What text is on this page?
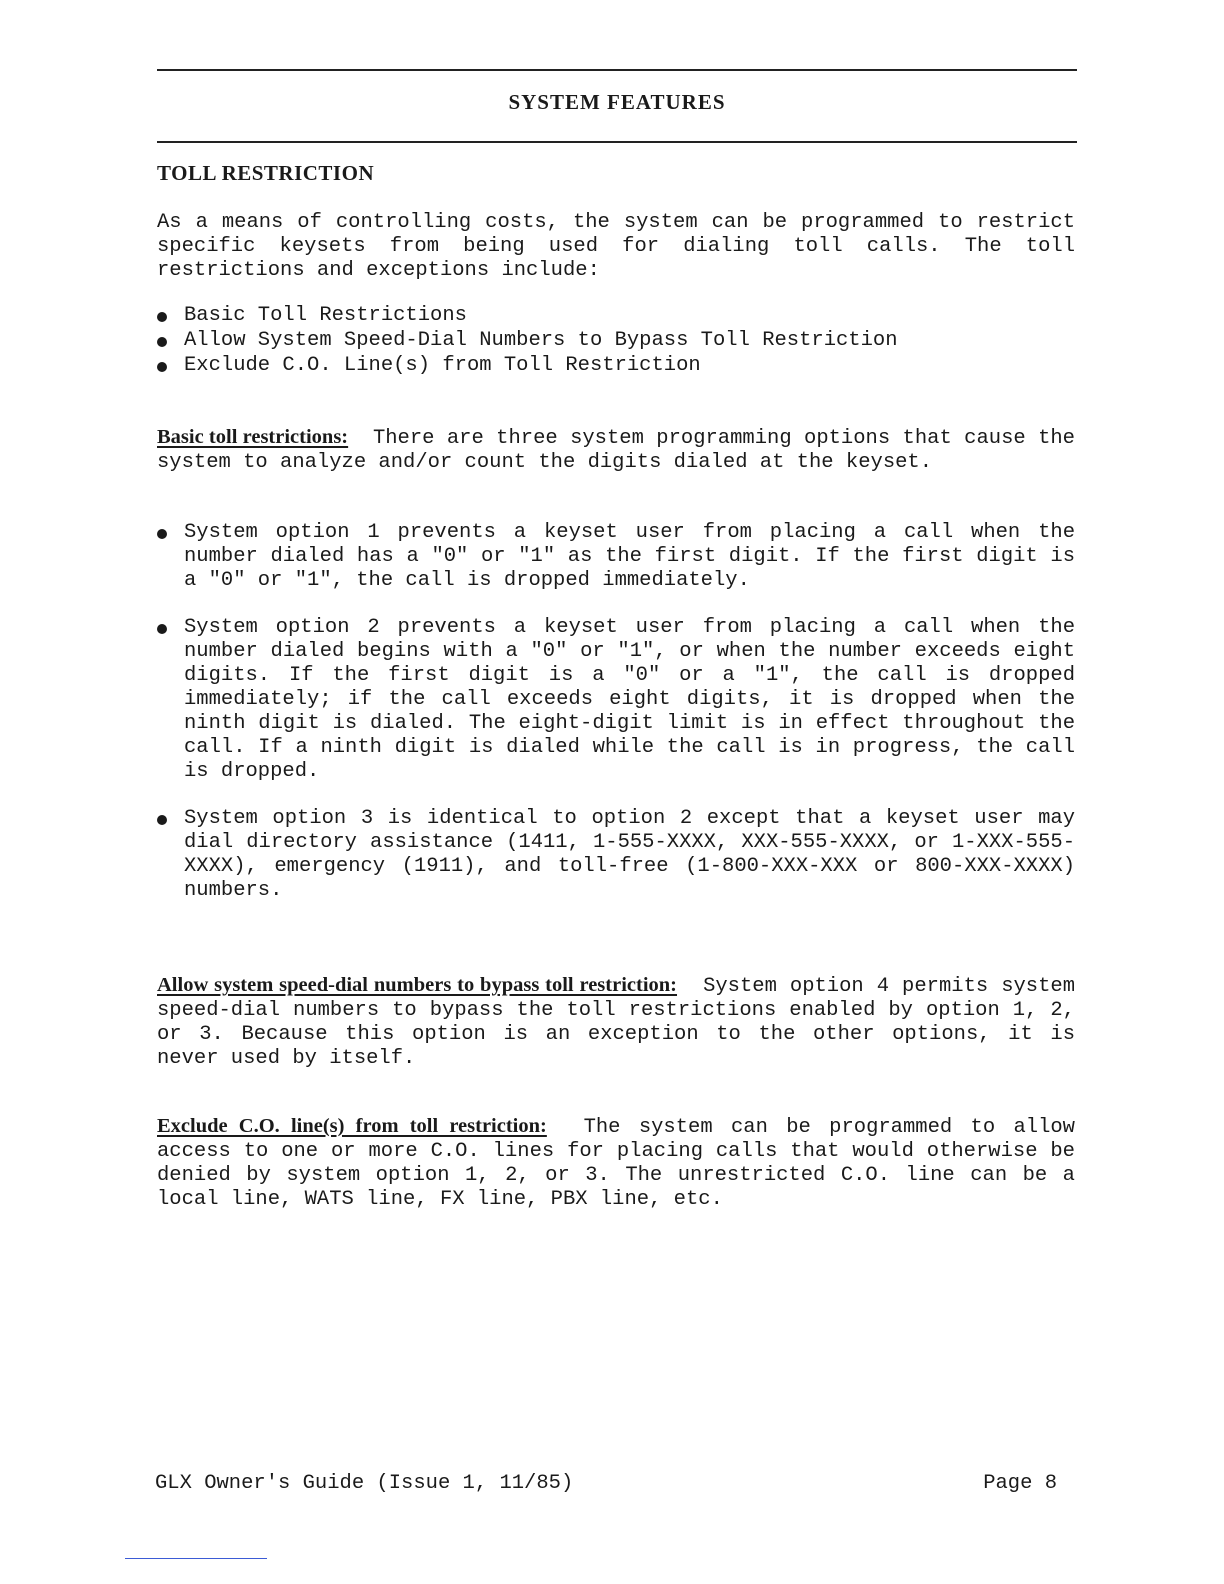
SYSTEM FEATURES
TOLL RESTRICTION

As a means of controlling costs, the system can be programmed to restrict specific keysets from being used for dialing toll calls. The toll restrictions and exceptions include:

Basic Toll Restrictions
Allow System Speed-Dial Numbers to Bypass Toll Restriction
Exclude C.O. Line(s) from Toll Restriction

Basic toll restrictions: There are three system programming options that cause the system to analyze and/or count the digits dialed at the keyset.

System option 1 prevents a keyset user from placing a call when the number dialed has a "0" or "1" as the first digit. If the first digit is a "0" or "1", the call is dropped immediately.
System option 2 prevents a keyset user from placing a call when the number dialed begins with a "0" or "1", or when the number exceeds eight digits. If the first digit is a "0" or a "1", the call is dropped immediately; if the call exceeds eight digits, it is dropped when the ninth digit is dialed. The eight-digit limit is in effect throughout the call. If a ninth digit is dialed while the call is in progress, the call is dropped.
System option 3 is identical to option 2 except that a keyset user may dial directory assistance (1411, 1-555-XXXX, XXX-555-XXXX, or 1-XXX-555-XXXX), emergency (1911), and toll-free (1-800-XXX-XXX or 800-XXX-XXXX) numbers.

Allow system speed-dial numbers to bypass toll restriction: System option 4 permits system speed-dial numbers to bypass the toll restrictions enabled by option 1, 2, or 3. Because this option is an exception to the other options, it is never used by itself.

Exclude C.O. line(s) from toll restriction: The system can be programmed to allow access to one or more C.O. lines for placing calls that would otherwise be denied by system option 1, 2, or 3. The unrestricted C.O. line can be a local line, WATS line, FX line, PBX line, etc.

GLX Owner's Guide (Issue 1, 11/85)	Page 8
